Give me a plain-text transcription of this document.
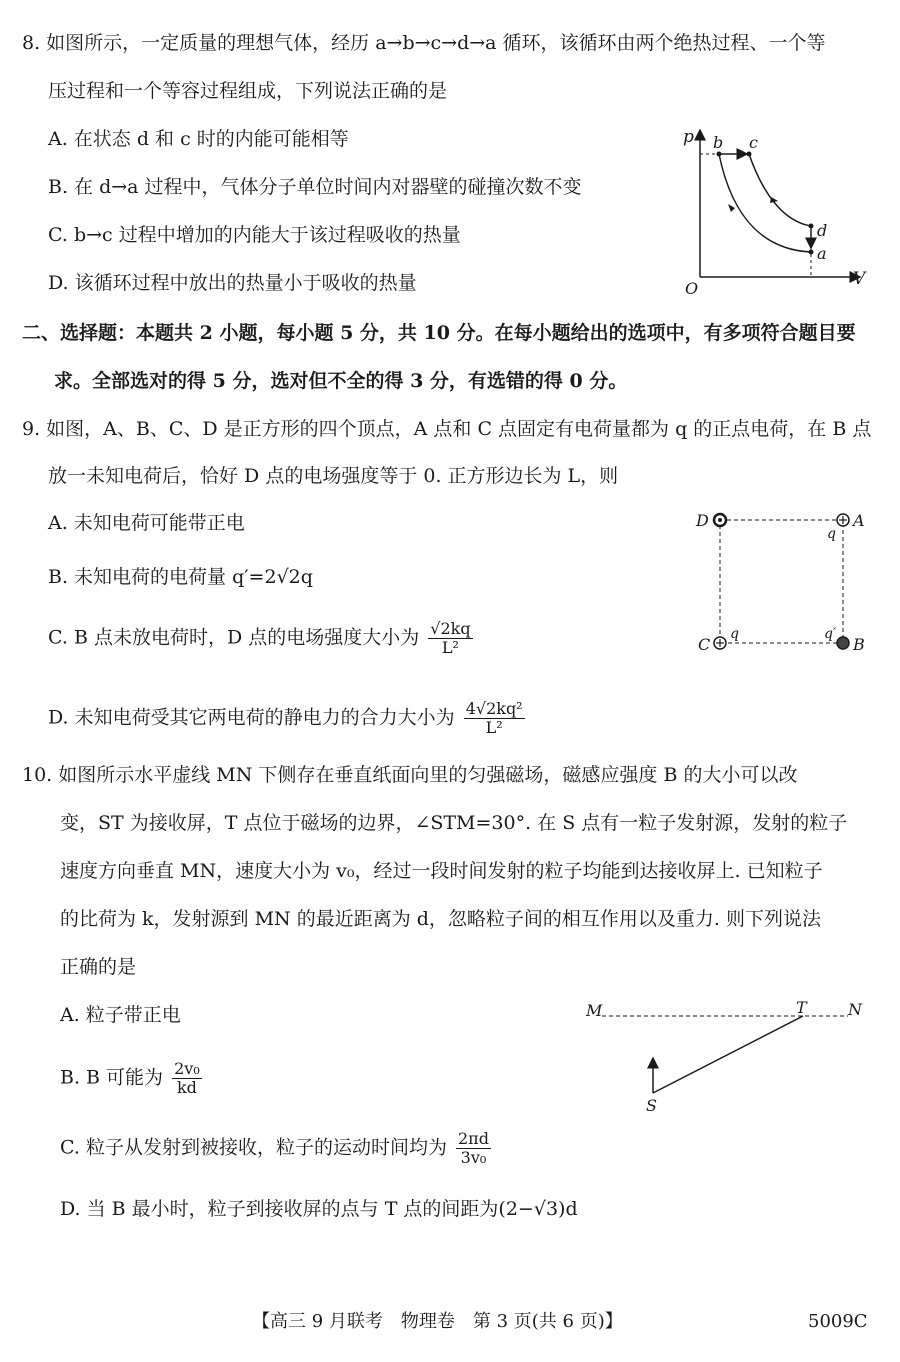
8. 如图所示，一定质量的理想气体，经历 a→b→c→d→a 循环，该循环由两个绝热过程、一个等
压过程和一个等容过程组成，下列说法正确的是
A. 在状态 d 和 c 时的内能可能相等
B. 在 d→a 过程中，气体分子单位时间内对器壁的碰撞次数不变
C. b→c 过程中增加的内能大于该过程吸收的热量
D. 该循环过程中放出的热量小于吸收的热量
p
V
O
b c
d
a
二、选择题：本题共 2 小题，每小题 5 分，共 10 分。在每小题给出的选项中，有多项符合题目要
求。全部选对的得 5 分，选对但不全的得 3 分，有选错的得 0 分。
9. 如图，A、B、C、D 是正方形的四个顶点，A 点和 C 点固定有电荷量都为 q 的正点电荷，在 B 点
放一未知电荷后，恰好 D 点的电场强度等于 0. 正方形边长为 L，则
A. 未知电荷可能带正电
B. 未知电荷的电荷量 q′=2√2q
C. B 点未放电荷时，D 点的电场强度大小为 $\frac{√2kq}{\text{L²}}$
D. 未知电荷受其它两电荷的静电力的合力大小为 $\frac{\text{4√2kq²}}{\text{L²}}$
D	A
C	B
q
q	q′
10. 如图所示水平虚线 MN 下侧存在垂直纸面向里的匀强磁场，磁感应强度 B 的大小可以改
变，ST 为接收屏，T 点位于磁场的边界，∠STM=30°. 在 S 点有一粒子发射源，发射的粒子
速度方向垂直 MN，速度大小为 v₀，经过一段时间发射的粒子均能到达接收屏上. 已知粒子
的比荷为 k，发射源到 MN 的最近距离为 d，忽略粒子间的相互作用以及重力. 则下列说法
正确的是
A. 粒子带正电
B. B 可能为 $\frac{\text{2v₀}}{kd}$
C. 粒子从发射到被接收，粒子的运动时间均为 $\frac{2\pi d}{\text{3v₀}}$
D. 当 B 最小时，粒子到接收屏的点与 T 点的间距为(2−√3)d
M	T	N
S
【高三 9 月联考　物理卷　第 3 页(共 6 页)】	5009C
